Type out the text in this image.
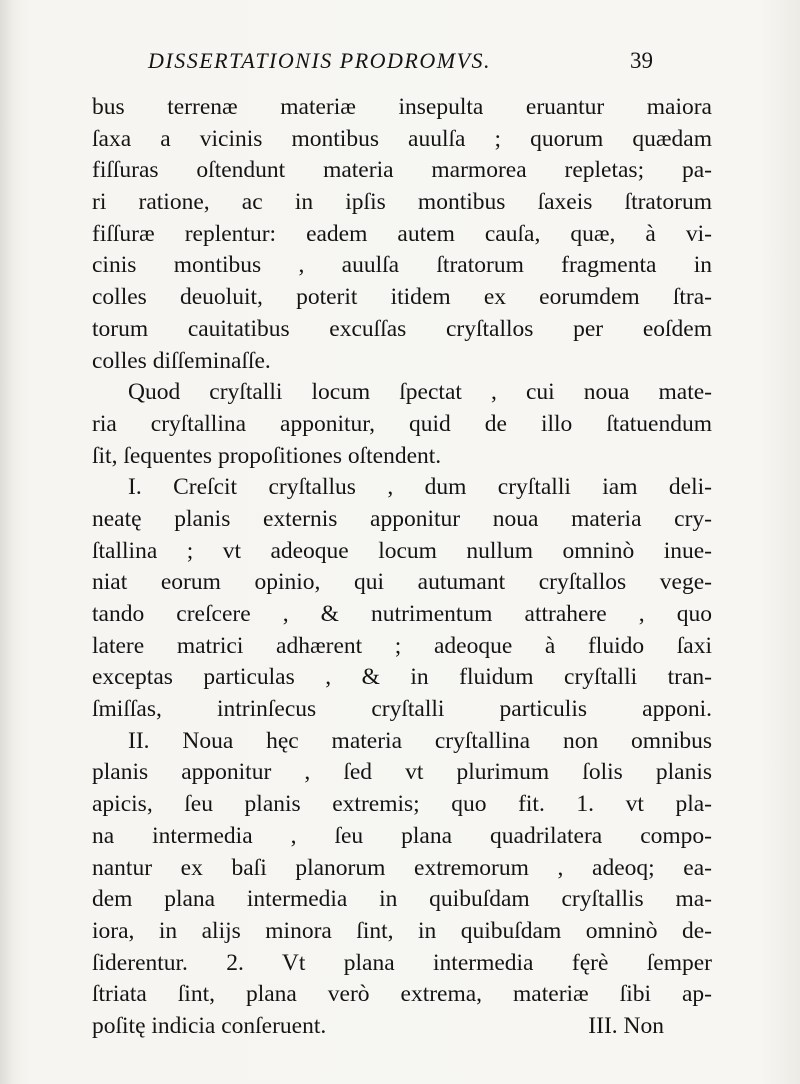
DISSERTATIONIS PRODROMVS.	39
bus terrenæ materiæ insepulta eruantur maiora
ſaxa a vicinis montibus auulſa ; quorum quædam
fiſſuras oſtendunt materia marmorea repletas; pa-
ri ratione, ac in ipſis montibus ſaxeis ſtratorum
fiſſuræ replentur: eadem autem cauſa, quæ, à vi-
cinis montibus , auulſa ſtratorum fragmenta in
colles deuoluit, poterit itidem ex eorumdem ſtra-
torum cauitatibus excuſſas cryſtallos per eoſdem
colles diſſeminaſſe.
Quod cryſtalli locum ſpectat , cui noua mate-
ria cryſtallina apponitur, quid de illo ſtatuendum
ſit, ſequentes propoſitiones oſtendent.
I. Creſcit cryſtallus , dum cryſtalli iam deli-
neatę planis externis apponitur noua materia cry-
ſtallina ; vt adeoque locum nullum omninò inue-
niat eorum opinio, qui autumant cryſtallos vege-
tando creſcere , & nutrimentum attrahere , quo
latere matrici adhærent ; adeoque à fluido ſaxi
exceptas particulas , & in fluidum cryſtalli tran-
ſmiſſas, intrinſecus cryſtalli particulis apponi.
II. Noua hęc materia cryſtallina non omnibus
planis apponitur , ſed vt plurimum ſolis planis
apicis, ſeu planis extremis; quo fit. 1. vt pla-
na intermedia , ſeu plana quadrilatera compo-
nantur ex baſi planorum extremorum , adeoq; ea-
dem plana intermedia in quibuſdam cryſtallis ma-
iora, in alijs minora ſint, in quibuſdam omninò de-
ſiderentur. 2. Vt plana intermedia fęrè ſemper
ſtriata ſint, plana verò extrema, materiæ ſibi ap-
poſitę indicia conſeruent.	III. Non
